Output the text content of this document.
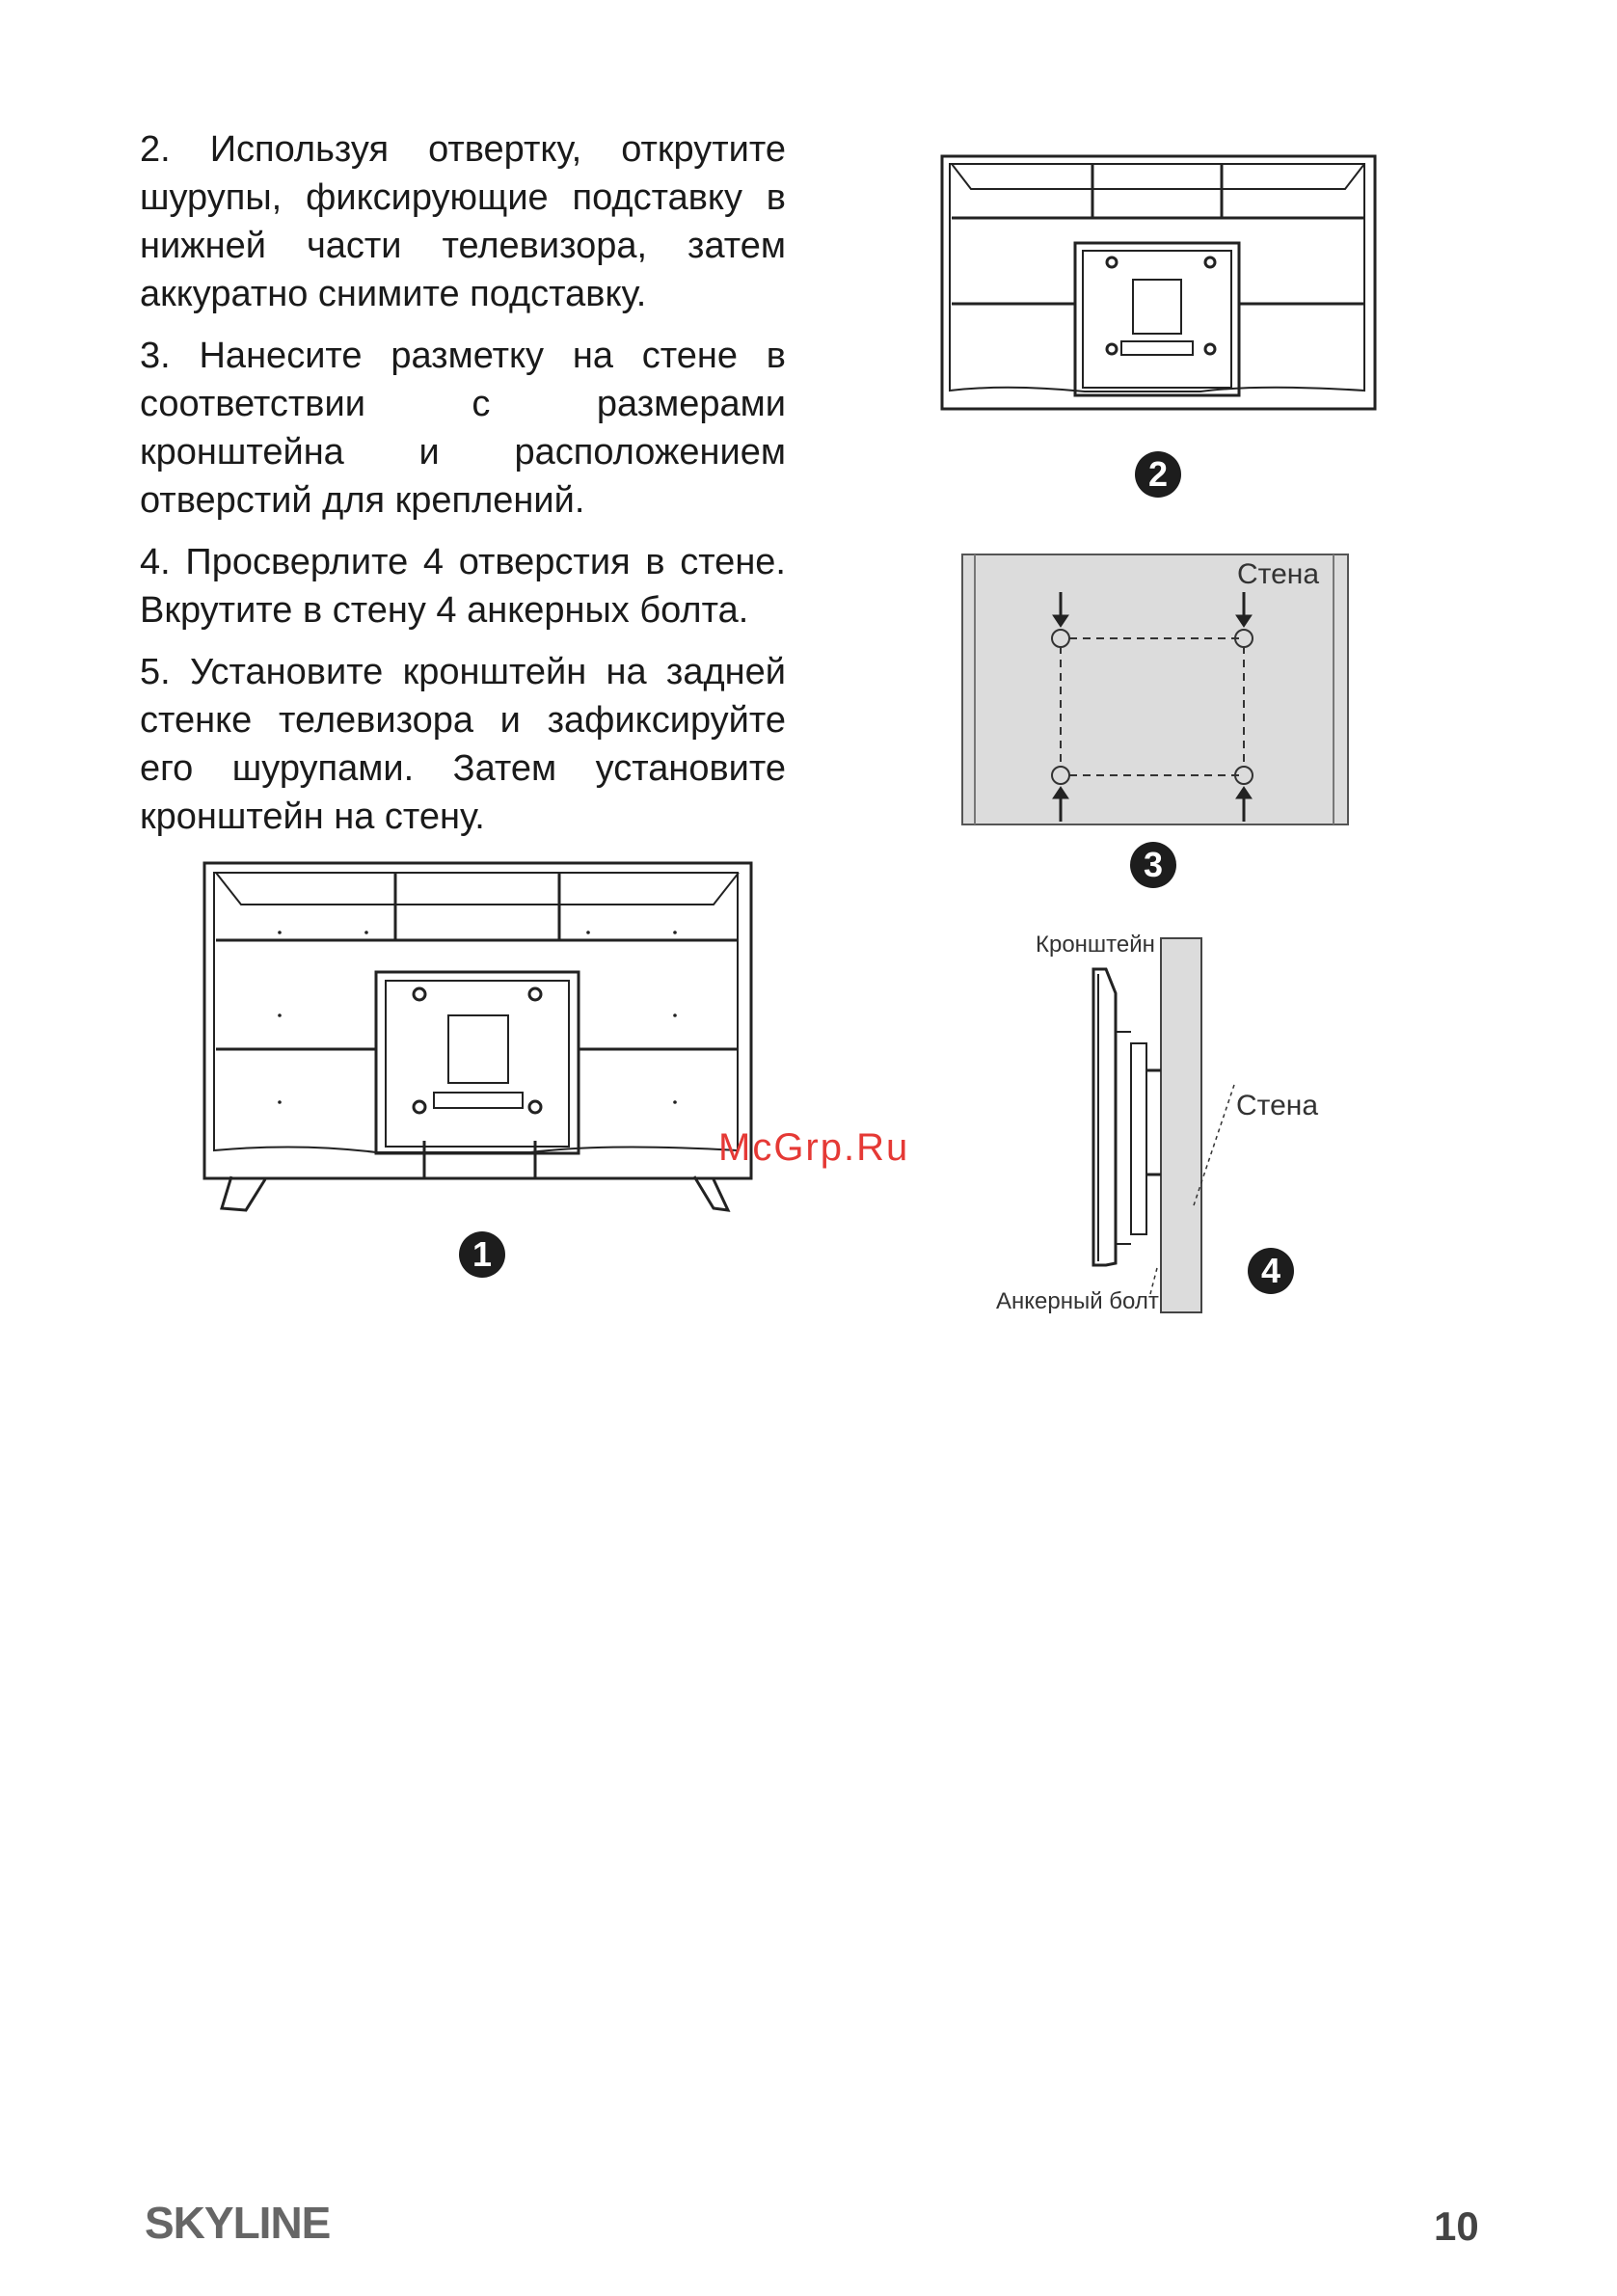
2. Используя отвертку, открутите шурупы, фиксирующие подставку в нижней части телевизора, затем аккуратно снимите подставку.

3. Нанесите разметку на стене в соответствии с размерами кронштейна и расположением отверстий для креплений.

4. Просверлите 4 отверстия в стене. Вкрутите в стену 4 анкерных болта.

5. Установите кронштейн на задней стенке телевизора и зафиксируйте его шурупами. Затем установите кронштейн на стену.

1
2
Стена
3
Кронштейн
Стена
Анкерный болт
4
McGrp.Ru
SKYLINE	10
